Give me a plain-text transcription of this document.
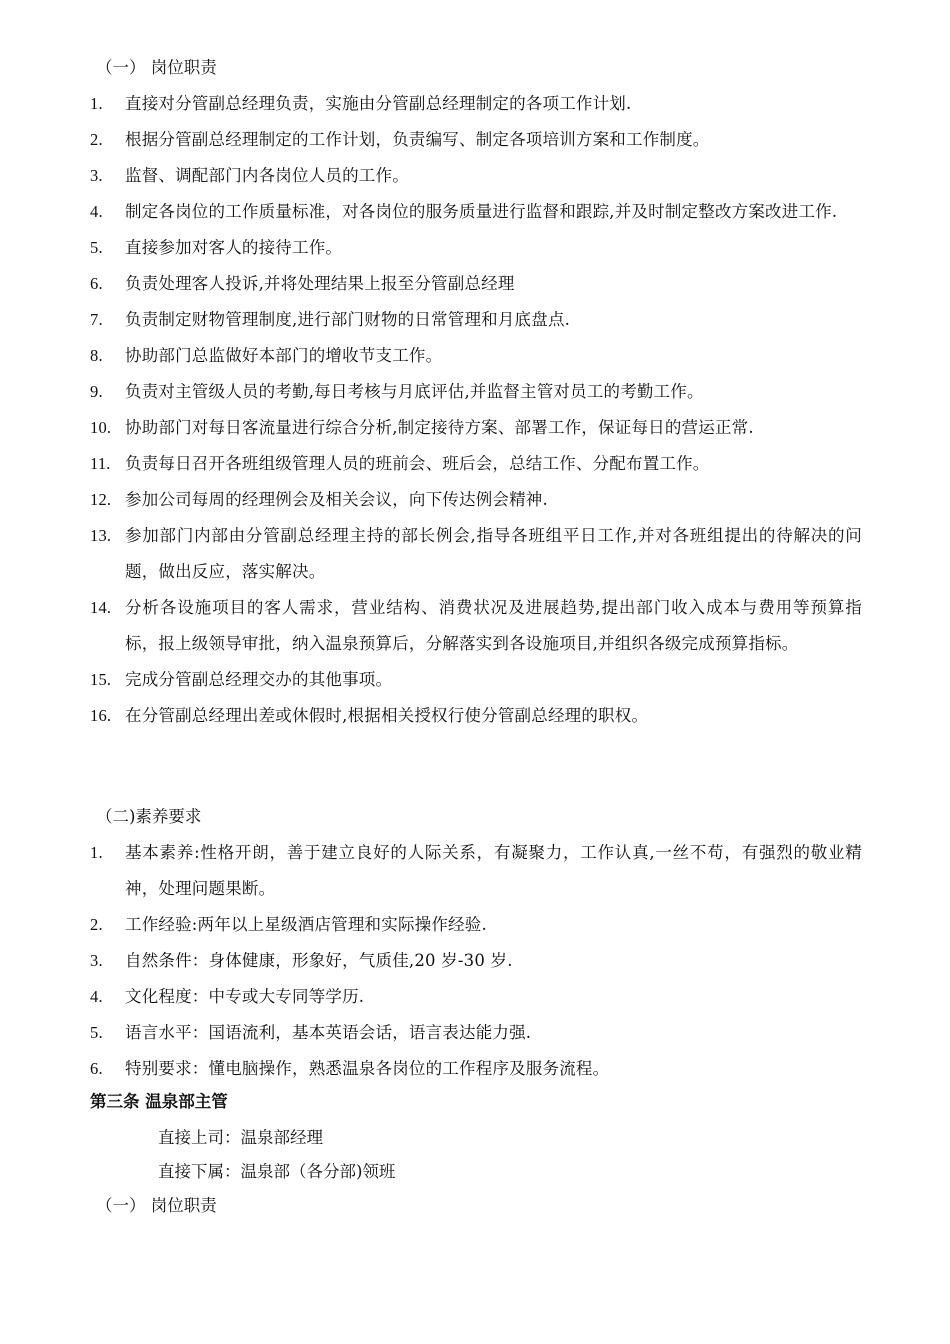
（一） 岗位职责
1. 直接对分管副总经理负责，实施由分管副总经理制定的各项工作计划.
2. 根据分管副总经理制定的工作计划，负责编写、制定各项培训方案和工作制度。
3. 监督、调配部门内各岗位人员的工作。
4. 制定各岗位的工作质量标准，对各岗位的服务质量进行监督和跟踪,并及时制定整改方案改进工作.
5. 直接参加对客人的接待工作。
6. 负责处理客人投诉,并将处理结果上报至分管副总经理
7. 负责制定财物管理制度,进行部门财物的日常管理和月底盘点.
8. 协助部门总监做好本部门的增收节支工作。
9. 负责对主管级人员的考勤,每日考核与月底评估,并监督主管对员工的考勤工作。
10. 协助部门对每日客流量进行综合分析,制定接待方案、部署工作，保证每日的营运正常.
11. 负责每日召开各班组级管理人员的班前会、班后会，总结工作、分配布置工作。
12. 参加公司每周的经理例会及相关会议，向下传达例会精神.
13. 参加部门内部由分管副总经理主持的部长例会,指导各班组平日工作,并对各班组提出的待解决的问题，做出反应，落实解决。
14. 分析各设施项目的客人需求，营业结构、消费状况及进展趋势,提出部门收入成本与费用等预算指标，报上级领导审批，纳入温泉预算后，分解落实到各设施项目,并组织各级完成预算指标。
15. 完成分管副总经理交办的其他事项。
16. 在分管副总经理出差或休假时,根据相关授权行使分管副总经理的职权。
（二)素养要求
1. 基本素养:性格开朗，善于建立良好的人际关系，有凝聚力，工作认真,一丝不苟，有强烈的敬业精神，处理问题果断。
2. 工作经验:两年以上星级酒店管理和实际操作经验.
3. 自然条件：身体健康，形象好，气质佳,20 岁-30 岁.
4. 文化程度：中专或大专同等学历.
5. 语言水平：国语流利，基本英语会话，语言表达能力强.
6. 特别要求：懂电脑操作，熟悉温泉各岗位的工作程序及服务流程。
第三条 温泉部主管
直接上司：温泉部经理
直接下属：温泉部（各分部)领班
（一） 岗位职责
